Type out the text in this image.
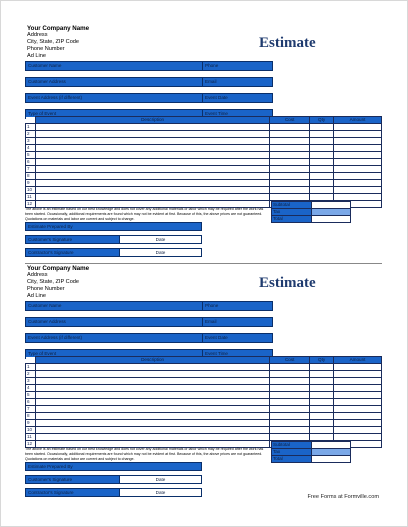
Your Company Name
Address
City, State, ZIP Code
Phone Number
Ad Line
Estimate
Customer Name	Phone
Customer Address	Email
Event Address (if different)	Event Date
Type of Event	Event Time
	Description	Cost	Qty	Amount
1				
2				
3				
4				
5				
6				
7				
8				
9				
10				
11				
12				
The above is an estimate based on our best knowledge and does not cover any additional materials or labor which may be required after the work has been started. Occasionally, additional requirements are found which may not be evident at first. Because of this, the above prices are not guaranteed. Quotations on materials and labor are current and subject to change.
Subtotal	
Tax	
Total	
Estimate Prepared By
Customer's Signature	Date
Contractor's Signature	Date
Your Company Name
Address
City, State, ZIP Code
Phone Number
Ad Line
Estimate
Customer Name	Phone
Customer Address	Email
Event Address (if different)	Event Date
Type of Event	Event Time
	Description	Cost	Qty	Amount
1				
2				
3				
4				
5				
6				
7				
8				
9				
10				
11				
12				
The above is an estimate based on our best knowledge and does not cover any additional materials or labor which may be required after the work has been started. Occasionally, additional requirements are found which may not be evident at first. Because of this, the above prices are not guaranteed. Quotations on materials and labor are current and subject to change.
Subtotal	
Tax	
Total	
Estimate Prepared By
Customer's Signature	Date
Contractor's Signature	Date
Free Forms at Formville.com
